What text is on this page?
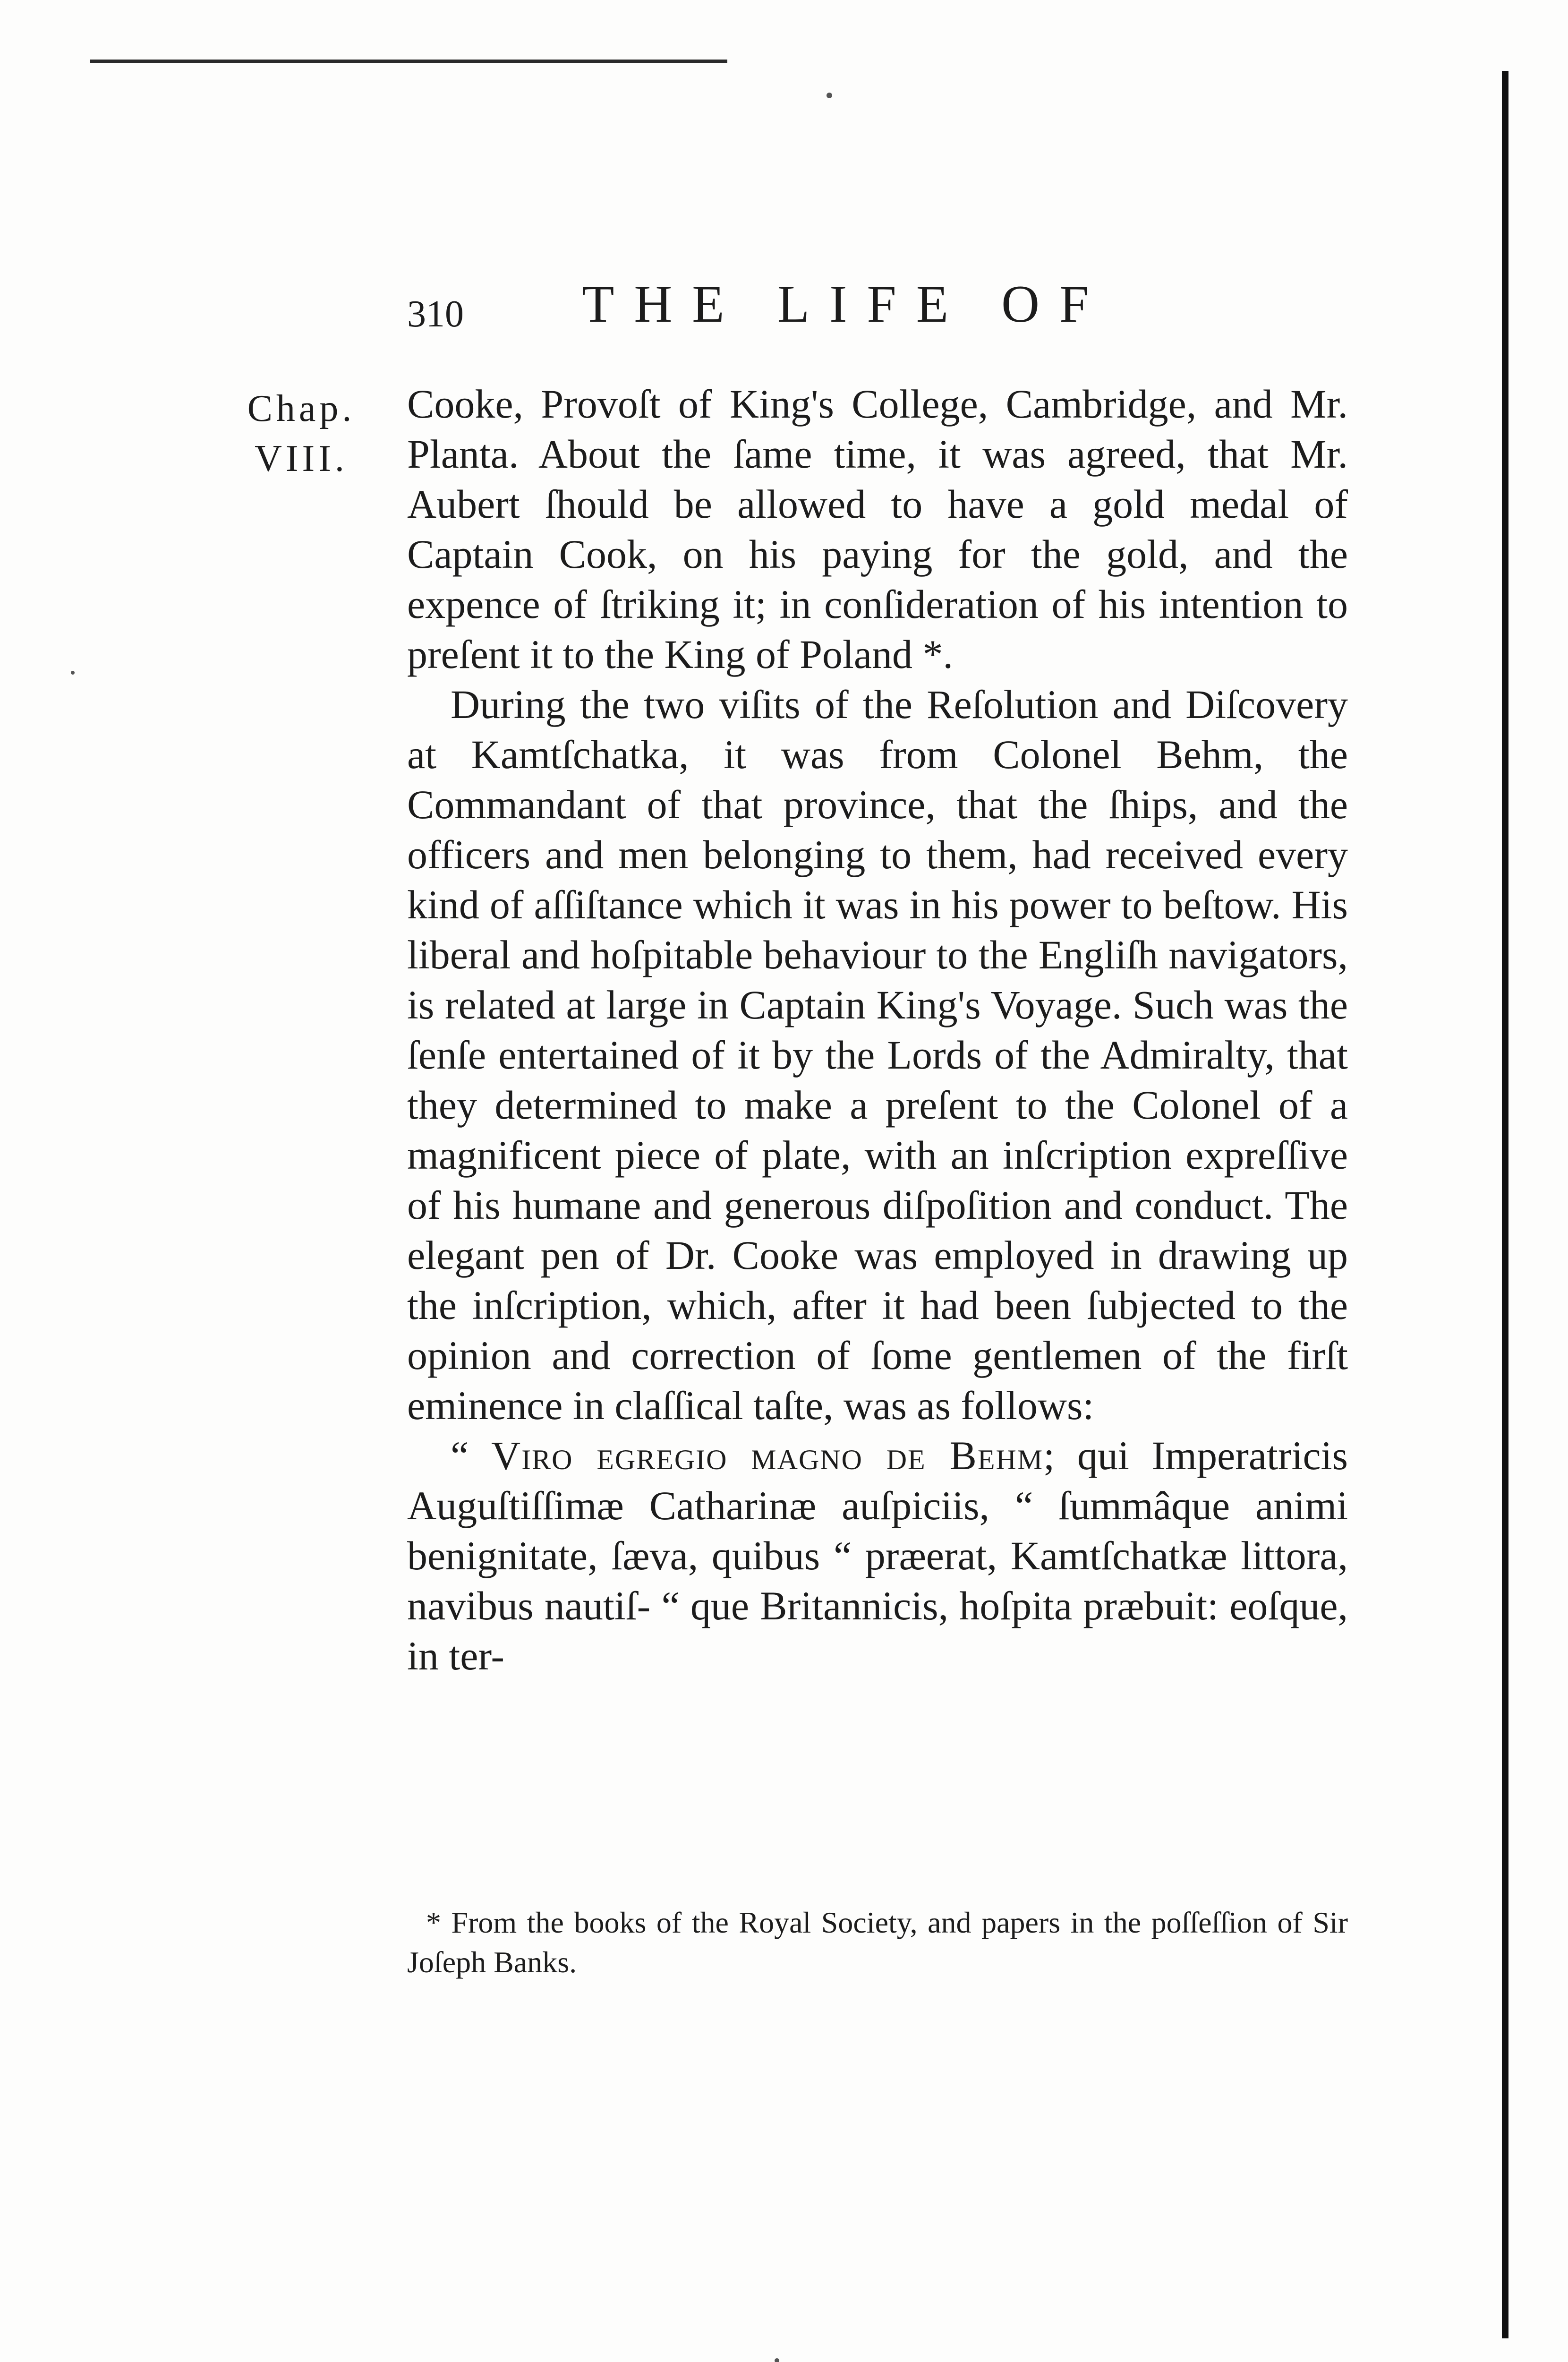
310 THE LIFE OF
Chap.
VIII.

Cooke, Provoſt of King's College, Cambridge, and Mr. Planta. About the ſame time, it was agreed, that Mr. Aubert ſhould be allowed to have a gold medal of Captain Cook, on his paying for the gold, and the expence of ſtriking it; in conſideration of his intention to preſent it to the King of Poland *.

During the two viſits of the Reſolution and Diſcovery at Kamtſchatka, it was from Colonel Behm, the Commandant of that province, that the ſhips, and the officers and men belonging to them, had received every kind of aſſiſtance which it was in his power to beſtow. His liberal and hoſpitable behaviour to the Engliſh navigators, is related at large in Captain King's Voyage. Such was the ſenſe entertained of it by the Lords of the Admiralty, that they determined to make a preſent to the Colonel of a magnificent piece of plate, with an inſcription expreſſive of his humane and generous diſpoſition and conduct. The elegant pen of Dr. Cooke was employed in drawing up the inſcription, which, after it had been ſubjected to the opinion and correction of ſome gentlemen of the firſt eminence in claſſical taſte, was as follows:

“ Viro egregio magno de Behm; qui Imperatricis Auguſtiſſimæ Catharinæ auſpiciis, “ ſummâque animi benignitate, ſæva, quibus “ præerat, Kamtſchatkæ littora, navibus nautiſ- “ que Britannicis, hoſpita præbuit: eoſque, in ter-

* From the books of the Royal Society, and papers in the poſſeſſion of Sir Joſeph Banks.
